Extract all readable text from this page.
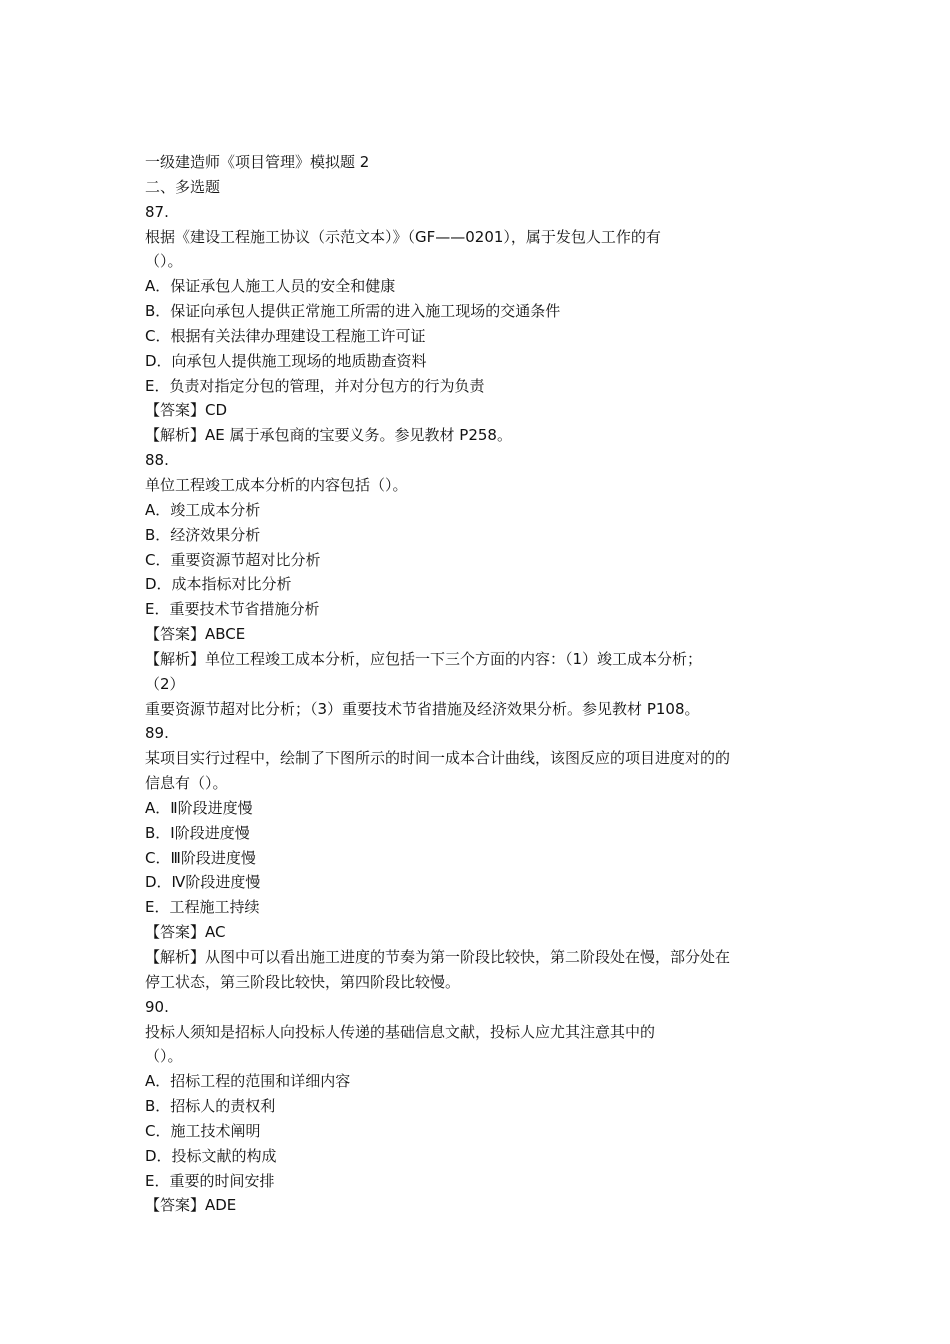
一级建造师《项目管理》模拟题 2
二、多选题
87.
根据《建设工程施工协议（示范文本）》（GF——0201），属于发包人工作的有
（）。
A．保证承包人施工人员的安全和健康
B．保证向承包人提供正常施工所需的进入施工现场的交通条件
C．根据有关法律办理建设工程施工许可证
D．向承包人提供施工现场的地质勘查资料
E．负责对指定分包的管理，并对分包方的行为负责
【答案】CD
【解析】AE 属于承包商的宝要义务。参见教材 P258。
88.
单位工程竣工成本分析的内容包括（）。
A．竣工成本分析
B．经济效果分析
C．重要资源节超对比分析
D．成本指标对比分析
E．重要技术节省措施分析
【答案】ABCE
【解析】单位工程竣工成本分析，应包括一下三个方面的内容：（1）竣工成本分析；
（2）
重要资源节超对比分析；（3）重要技术节省措施及经济效果分析。参见教材 P108。
89.
某项目实行过程中，绘制了下图所示的时间一成本合计曲线，该图反应的项目进度对的的
信息有（）。
A．Ⅱ阶段进度慢
B．Ⅰ阶段进度慢
C．Ⅲ阶段进度慢
D．Ⅳ阶段进度慢
E．工程施工持续
【答案】AC
【解析】从图中可以看出施工进度的节奏为第一阶段比较快，第二阶段处在慢，部分处在
停工状态，第三阶段比较快，第四阶段比较慢。
90.
投标人须知是招标人向投标人传递的基础信息文献，投标人应尤其注意其中的
（）。
A．招标工程的范围和详细内容
B．招标人的责权利
C．施工技术阐明
D．投标文献的构成
E．重要的时间安排
【答案】ADE
